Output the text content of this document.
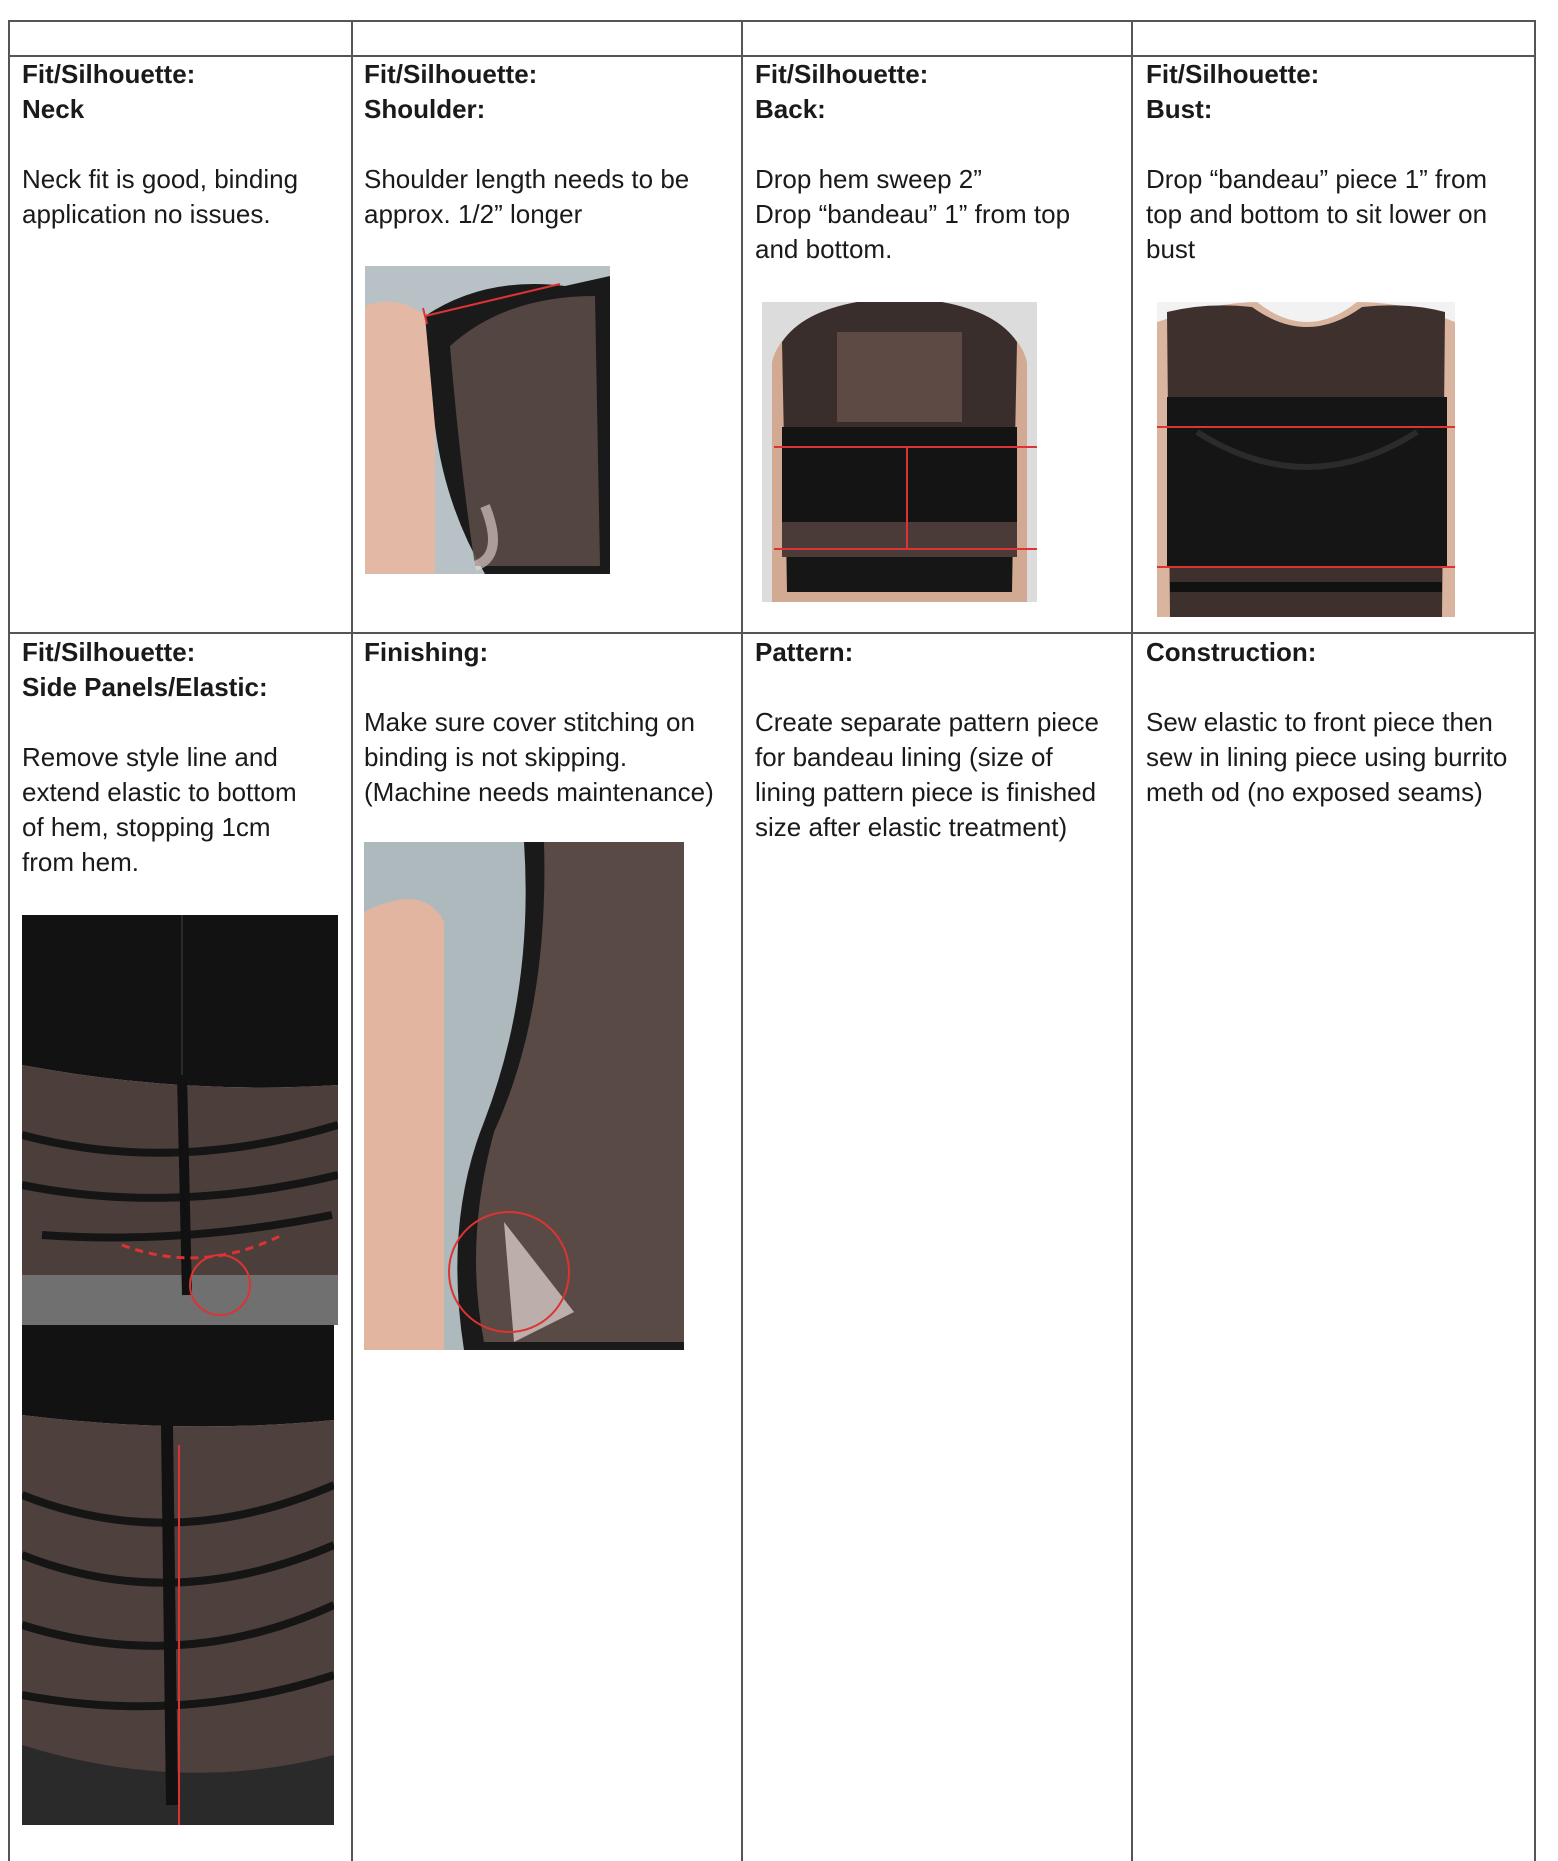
Fit/Silhouette:
Neck
Neck fit is good, binding
application no issues.
Fit/Silhouette:
Shoulder:
Shoulder length needs to be
approx. 1/2” longer
Fit/Silhouette:
Back:
Drop hem sweep 2”
Drop “bandeau” 1” from top
and bottom.
Fit/Silhouette:
Bust:
Drop “bandeau” piece 1” from
top and bottom to sit lower on
bust
Fit/Silhouette:
Side Panels/Elastic:
Remove style line and
extend elastic to bottom
of hem, stopping 1cm
from hem.
Finishing:
Make sure cover stitching on
binding is not skipping.
(Machine needs maintenance)
Pattern:
Create separate pattern piece
for bandeau lining (size of
lining pattern piece is finished
size after elastic treatment)
Construction:
Sew elastic to front piece then
sew in lining piece using burrito
meth od (no exposed seams)
